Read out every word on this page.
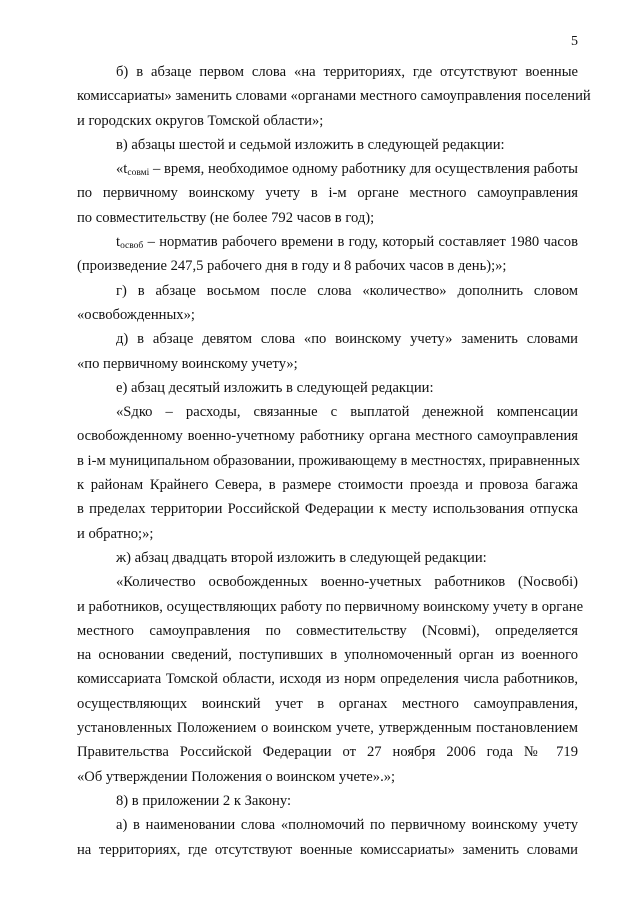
5

б) в абзаце первом слова «на территориях, где отсутствуют военные
комиссариаты» заменить словами «органами местного самоуправления поселений
и городских округов Томской области»;

в) абзацы шестой и седьмой изложить в следующей редакции:

«$t_{совмi}$ – время, необходимое одному работнику для осуществления работы
по первичному воинскому учету в i-м органе местного самоуправления
по совместительству (не более 792 часов в год);

$t_{освоб}$ – норматив рабочего времени в году, который составляет 1980 часов
(произведение 247,5 рабочего дня в году и 8 рабочих часов в день);»;

г) в абзаце восьмом после слова «количество» дополнить словом
«освобожденных»;

д) в абзаце девятом слова «по воинскому учету» заменить словами
«по первичному воинскому учету»;

е) абзац десятый изложить в следующей редакции:

«Sдко – расходы, связанные с выплатой денежной компенсации
освобожденному военно-учетному работнику органа местного самоуправления
в i-м муниципальном образовании, проживающему в местностях, приравненных
к районам Крайнего Севера, в размере стоимости проезда и провоза багажа
в пределах территории Российской Федерации к месту использования отпуска
и обратно;»;

ж) абзац двадцать второй изложить в следующей редакции:

«Количество освобожденных военно-учетных работников (Nосвобi)
и работников, осуществляющих работу по первичному воинскому учету в органе
местного самоуправления по совместительству (Nсовмi), определяется
на основании сведений, поступивших в уполномоченный орган из военного
комиссариата Томской области, исходя из норм определения числа работников,
осуществляющих воинский учет в органах местного самоуправления,
установленных Положением о воинском учете, утвержденным постановлением
Правительства Российской Федерации от 27 ноября 2006 года № 719
«Об утверждении Положения о воинском учете».»;

8) в приложении 2 к Закону:

а) в наименовании слова «полномочий по первичному воинскому учету
на территориях, где отсутствуют военные комиссариаты» заменить словами
